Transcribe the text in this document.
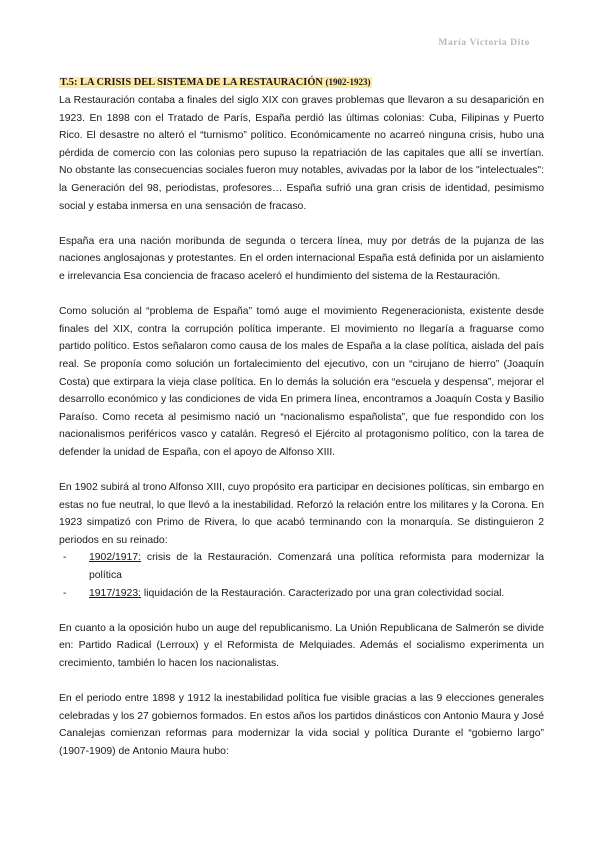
María Victoria Dito
T.5: LA CRISIS DEL SISTEMA DE LA RESTAURACIÓN (1902-1923)

La Restauración contaba a finales del siglo XIX con graves problemas que llevaron a su desaparición en 1923. En 1898 con el Tratado de París, España perdió las últimas colonias: Cuba, Filipinas y Puerto Rico. El desastre no alteró el “turnismo” político. Económicamente no acarreó ninguna crisis, hubo una pérdida de comercio con las colonias pero supuso la repatriación de las capitales que allí se invertían. No obstante las consecuencias sociales fueron muy notables, avivadas por la labor de los "intelectuales": la Generación del 98, periodistas, profesores… España sufrió una gran crisis de identidad, pesimismo social y estaba inmersa en una sensación de fracaso.

España era una nación moribunda de segunda o tercera línea, muy por detrás de la pujanza de las naciones anglosajonas y protestantes. En el orden internacional España está definida por un aislamiento e irrelevancia Esa conciencia de fracaso aceleró el hundimiento del sistema de la Restauración.

Como solución al “problema de España” tomó auge el movimiento Regeneracionista, existente desde finales del XIX, contra la corrupción política imperante. El movimiento no llegaría a fraguarse como partido político. Estos señalaron como causa de los males de España a la clase política, aislada del país real. Se proponía como solución un fortalecimiento del ejecutivo, con un “cirujano de hierro” (Joaquín Costa) que extirpara la vieja clase política. En lo demás la solución era “escuela y despensa”, mejorar el desarrollo económico y las condiciones de vida En primera línea, encontramos a Joaquín Costa y Basilio Paraíso. Como receta al pesimismo nació un “nacionalismo españolista”, que fue respondido con los nacionalismos periféricos vasco y catalán. Regresó el Ejército al protagonismo político, con la tarea de defender la unidad de España, con el apoyo de Alfonso XIII.

En 1902 subirá al trono Alfonso XIII, cuyo propósito era participar en decisiones políticas, sin embargo en estas no fue neutral, lo que llevó a la inestabilidad. Reforzó la relación entre los militares y la Corona. En 1923 simpatizó con Primo de Rivera, lo que acabó terminando con la monarquía. Se distinguieron 2 periodos en su reinado:

- 1902/1917: crisis de la Restauración. Comenzará una política reformista para modernizar la política
- 1917/1923: liquidación de la Restauración. Caracterizado por una gran colectividad social.

En cuanto a la oposición hubo un auge del republicanismo. La Unión Republicana de Salmerón se divide en: Partido Radical (Lerroux) y el Reformista de Melquiades. Además el socialismo experimenta un crecimiento, también lo hacen los nacionalistas.

En el periodo entre 1898 y 1912 la inestabilidad política fue visible gracias a las 9 elecciones generales celebradas y los 27 gobiernos formados. En estos años los partidos dinásticos con Antonio Maura y José Canalejas comienzan reformas para modernizar la vida social y política Durante el “gobierno largo” (1907-1909) de Antonio Maura hubo:
